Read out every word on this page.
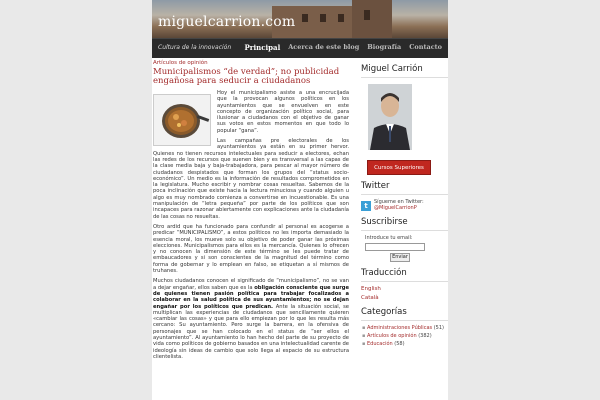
miguelcarrion.com
Cultura de la innovación Principal Acerca de este blog Biografía Contacto
Artículos de opinión
Municipalismos “de verdad”; no publicidad engañosa para seducir a ciudadanos

Hoy el municipalismo asiste a una encrucijada que la provocan algunos políticos en los ayuntamientos que se envuelven en este concepto de organización político social, para ilusionar a ciudadanos con el objetivo de ganar sus votos en estos momentos en que todo lo popular “gana”.

Las campañas pre electorales de los ayuntamientos ya están en su primer hervor. Quienes no tienen recursos intelectuales para seducir a electores, echan las redes de los recursos que suenen bien y es transversal a las capas de la clase media baja y baja-trabajadora, para pescar al mayor número de ciudadanos despistados que forman los grupos del “status socio-económico”. Un medio es la información de resultados comprometidos en la legislatura. Mucho escribir y nombrar cosas resueltas. Sabemos de la poca inclinación que existe hacia la lectura minuciosa y cuando alguien u algo es muy nombrado comienza a convertirse en incuestionable. Es una manipulación de “letra pequeña” por parte de los políticos que son incapaces para razonar abiertamente con explicaciones ante la ciudadanía de las cosas no resueltas.

Otro ardid que ha funcionado para confundir al personal es acogerse a predicar “MUNICIPALISMO”, a estos políticos no les importa demasiado la esencia moral, los mueve solo su objetivo de poder ganar las próximas elecciones. Municipalismos para ellos es la mercancía. Quienes lo ofrecen y no conocen la dimensión de este término se les puede tratar de embaucadores y si son conscientes de la magnitud del término como forma de gobernar y lo emplean en falso, se etiquetan a sí mismos de truhanes.

Muchos ciudadanos conocen el significado de “municipalismo”, no se van a dejar engañar, ellos saben que es la obligación consciente que surge de quienes tienen pasión política para trabajar focalizados a colaborar en la salud política de sus ayuntamientos; no se dejan engañar por los políticos que predican. Ante la situación social, se multiplican las experiencias de ciudadanos que sencillamente quieren «cambiar las cosas» y que para ello empiezan por lo que les resulta más cercano: Su ayuntamiento. Pero surge la barrera, en la ofensiva de personajes que se han colocado en el status de “ser ellos el ayuntamiento”. Al ayuntamiento lo han hecho del parte de su proyecto de vida como políticos de gobierno basados en una intelectualidad carente de ideología sin ideas de cambio que solo llega al espacio de su estructura clientelista.

Miguel Carrión
Cursos Superiores
Twitter
t	Sígueme en Twitter:
@MiguelCarrionP
Suscribirse
Introduce tu email:
Enviar
Traducción
English
Català
Categorías
▪ Administraciones Públicas (51)
▪ Artículos de opinión (382)
▪ Educación (58)
